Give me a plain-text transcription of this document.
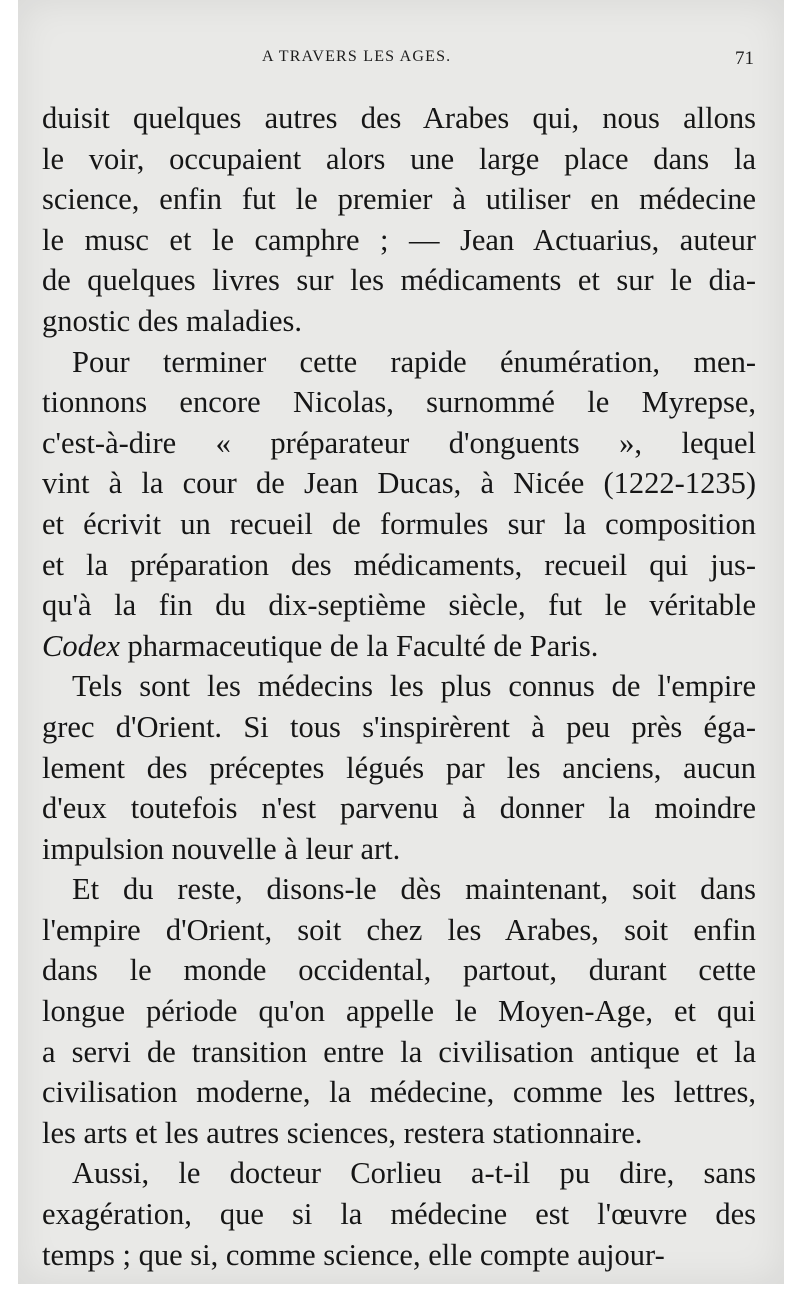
A TRAVERS LES AGES.	71
duisit quelques autres des Arabes qui, nous allons
le voir, occupaient alors une large place dans la
science, enfin fut le premier à utiliser en médecine
le musc et le camphre ; — Jean Actuarius, auteur
de quelques livres sur les médicaments et sur le dia-
gnostic des maladies.
Pour terminer cette rapide énumération, men-
tionnons encore Nicolas, surnommé le Myrepse,
c'est-à-dire « préparateur d'onguents », lequel
vint à la cour de Jean Ducas, à Nicée (1222-1235)
et écrivit un recueil de formules sur la composition
et la préparation des médicaments, recueil qui jus-
qu'à la fin du dix-septième siècle, fut le véritable
Codex pharmaceutique de la Faculté de Paris.
Tels sont les médecins les plus connus de l'empire
grec d'Orient. Si tous s'inspirèrent à peu près éga-
lement des préceptes légués par les anciens, aucun
d'eux toutefois n'est parvenu à donner la moindre
impulsion nouvelle à leur art.
Et du reste, disons-le dès maintenant, soit dans
l'empire d'Orient, soit chez les Arabes, soit enfin
dans le monde occidental, partout, durant cette
longue période qu'on appelle le Moyen-Age, et qui
a servi de transition entre la civilisation antique et la
civilisation moderne, la médecine, comme les lettres,
les arts et les autres sciences, restera stationnaire.
Aussi, le docteur Corlieu a-t-il pu dire, sans
exagération, que si la médecine est l'œuvre des
temps ; que si, comme science, elle compte aujour-
